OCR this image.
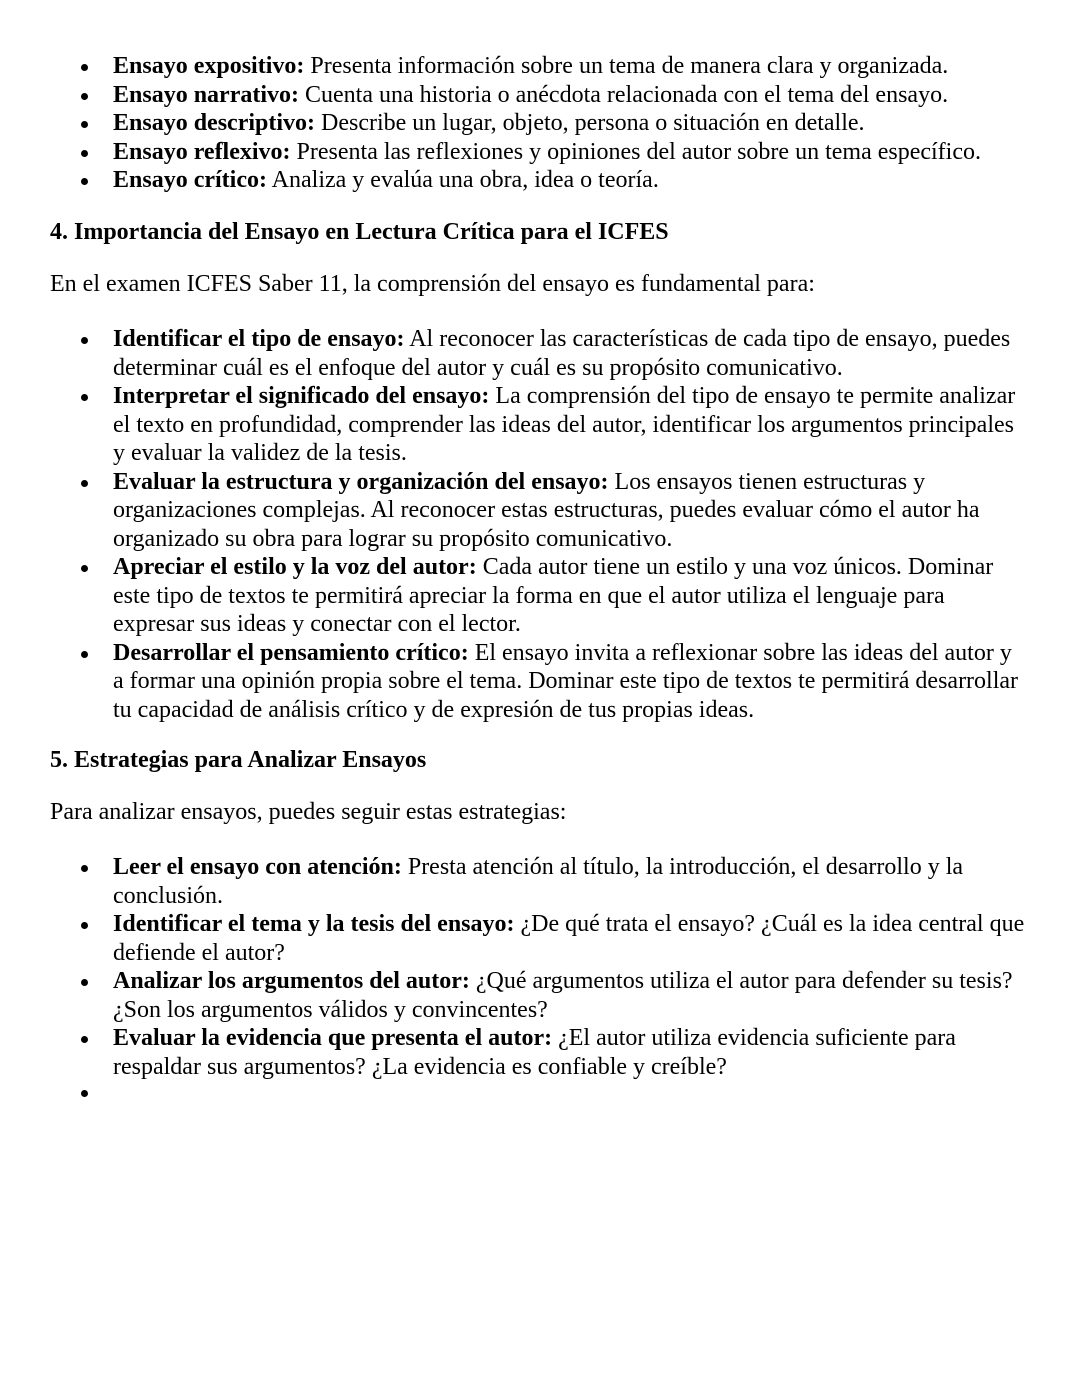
Ensayo expositivo: Presenta información sobre un tema de manera clara y organizada.
Ensayo narrativo: Cuenta una historia o anécdota relacionada con el tema del ensayo.
Ensayo descriptivo: Describe un lugar, objeto, persona o situación en detalle.
Ensayo reflexivo: Presenta las reflexiones y opiniones del autor sobre un tema específico.
Ensayo crítico: Analiza y evalúa una obra, idea o teoría.
4. Importancia del Ensayo en Lectura Crítica para el ICFES

En el examen ICFES Saber 11, la comprensión del ensayo es fundamental para:

Identificar el tipo de ensayo: Al reconocer las características de cada tipo de ensayo, puedes determinar cuál es el enfoque del autor y cuál es su propósito comunicativo.
Interpretar el significado del ensayo: La comprensión del tipo de ensayo te permite analizar el texto en profundidad, comprender las ideas del autor, identificar los argumentos principales y evaluar la validez de la tesis.
Evaluar la estructura y organización del ensayo: Los ensayos tienen estructuras y organizaciones complejas. Al reconocer estas estructuras, puedes evaluar cómo el autor ha organizado su obra para lograr su propósito comunicativo.
Apreciar el estilo y la voz del autor: Cada autor tiene un estilo y una voz únicos. Dominar este tipo de textos te permitirá apreciar la forma en que el autor utiliza el lenguaje para expresar sus ideas y conectar con el lector.
Desarrollar el pensamiento crítico: El ensayo invita a reflexionar sobre las ideas del autor y a formar una opinión propia sobre el tema. Dominar este tipo de textos te permitirá desarrollar tu capacidad de análisis crítico y de expresión de tus propias ideas.
5. Estrategias para Analizar Ensayos

Para analizar ensayos, puedes seguir estas estrategias:

Leer el ensayo con atención: Presta atención al título, la introducción, el desarrollo y la conclusión.
Identificar el tema y la tesis del ensayo: ¿De qué trata el ensayo? ¿Cuál es la idea central que defiende el autor?
Analizar los argumentos del autor: ¿Qué argumentos utiliza el autor para defender su tesis? ¿Son los argumentos válidos y convincentes?
Evaluar la evidencia que presenta el autor: ¿El autor utiliza evidencia suficiente para respaldar sus argumentos? ¿La evidencia es confiable y creíble?
